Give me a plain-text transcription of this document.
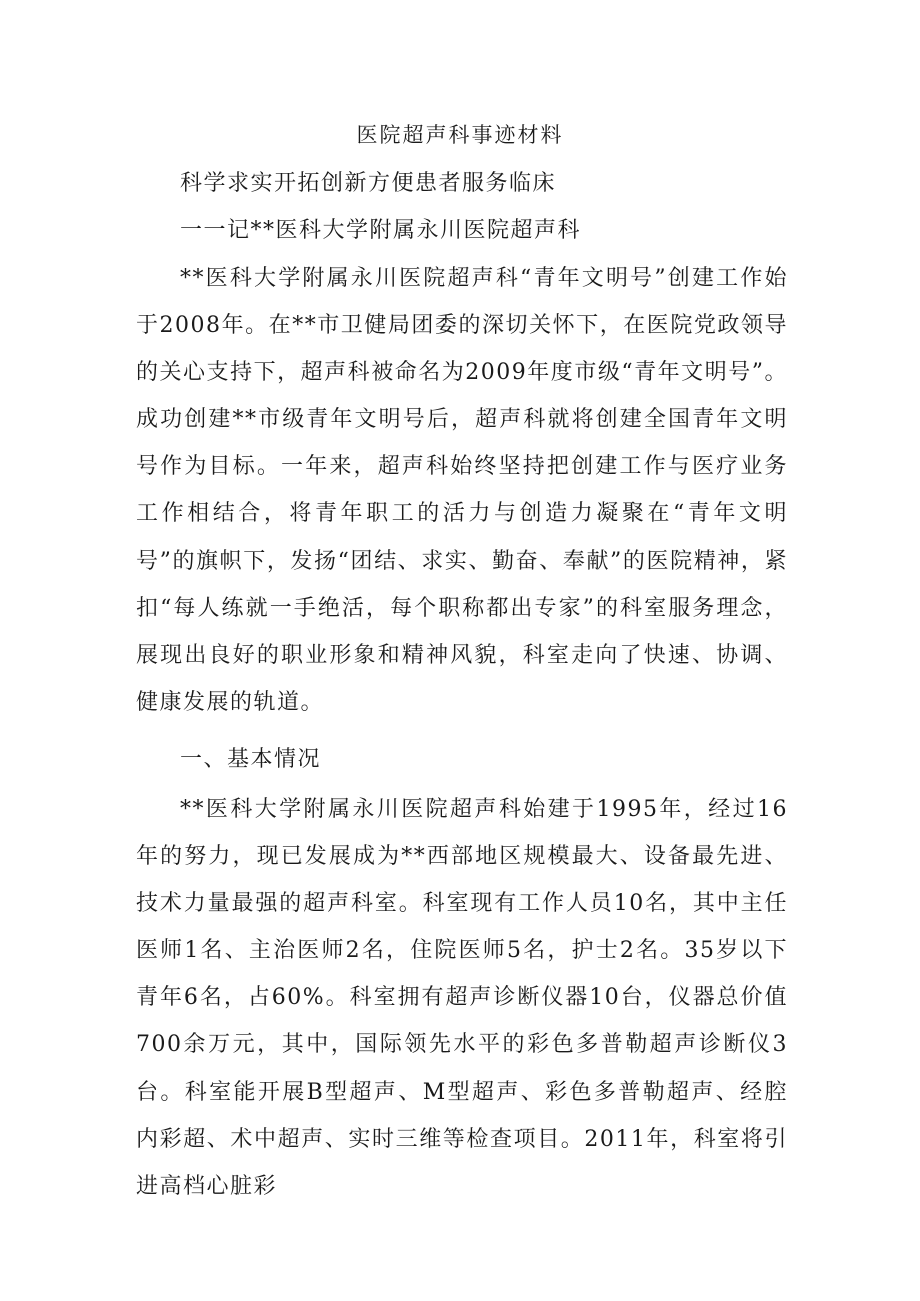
医院超声科事迹材料
科学求实开拓创新方便患者服务临床
一一记**医科大学附属永川医院超声科

**医科大学附属永川医院超声科“青年文明号”创建工作始于2008年。在**市卫健局团委的深切关怀下，在医院党政领导的关心支持下，超声科被命名为2009年度市级“青年文明号”。成功创建**市级青年文明号后，超声科就将创建全国青年文明号作为目标。一年来，超声科始终坚持把创建工作与医疗业务工作相结合，将青年职工的活力与创造力凝聚在“青年文明号”的旗帜下，发扬“团结、求实、勤奋、奉献”的医院精神，紧扣“每人练就一手绝活，每个职称都出专家”的科室服务理念，展现出良好的职业形象和精神风貌，科室走向了快速、协调、健康发展的轨道。

一、基本情况

**医科大学附属永川医院超声科始建于1995年，经过16年的努力，现已发展成为**西部地区规模最大、设备最先进、技术力量最强的超声科室。科室现有工作人员10名，其中主任医师1名、主治医师2名，住院医师5名，护士2名。35岁以下青年6名，占60%。科室拥有超声诊断仪器10台，仪器总价值700余万元，其中，国际领先水平的彩色多普勒超声诊断仪3台。科室能开展B型超声、M型超声、彩色多普勒超声、经腔内彩超、术中超声、实时三维等检查项目。2011年，科室将引进高档心脏彩
